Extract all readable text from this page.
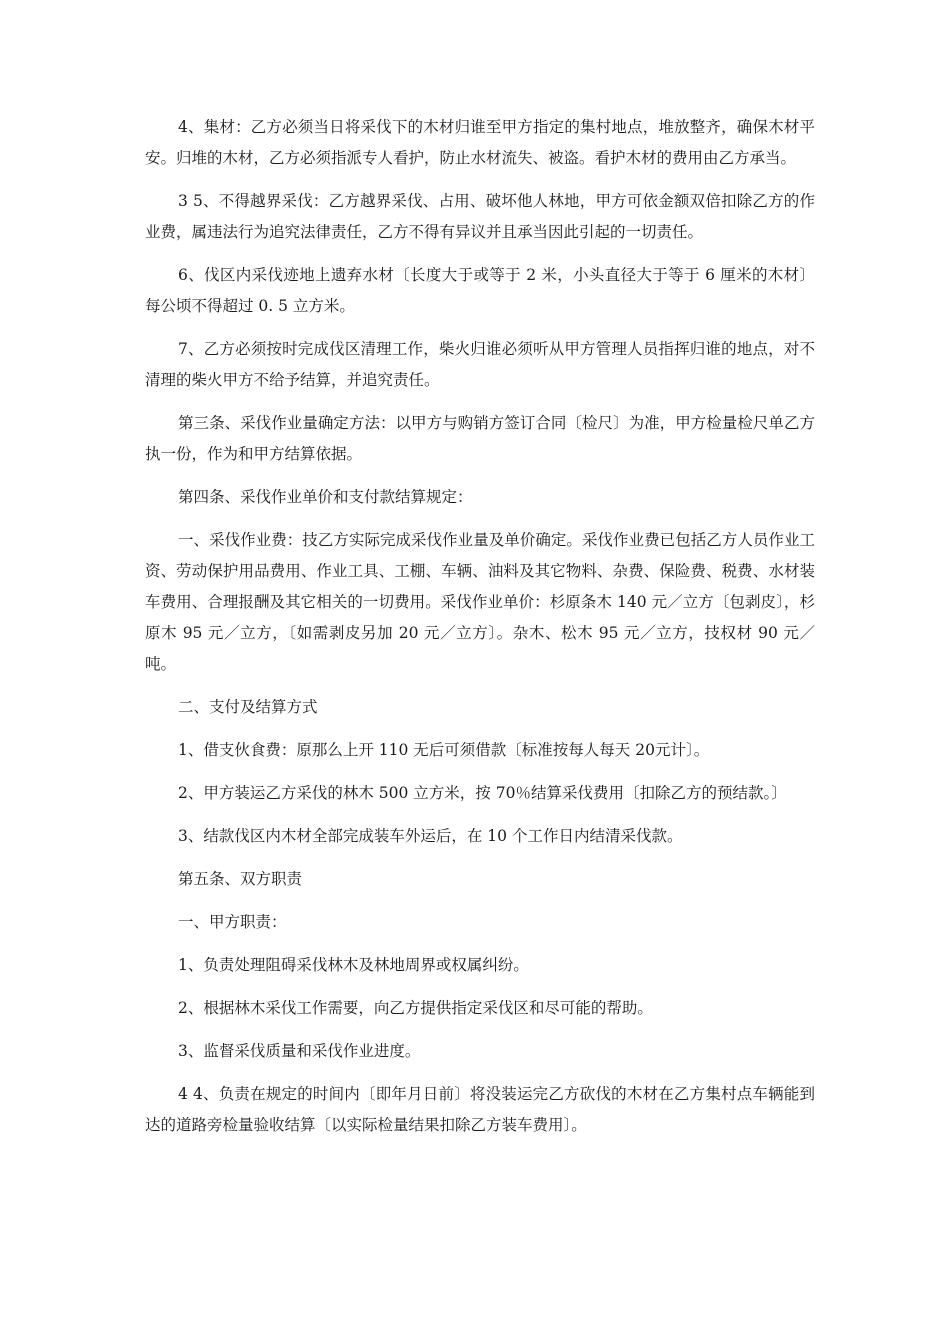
4、集材：乙方必须当日将采伐下的木材归谁至甲方指定的集村地点，堆放整齐，确保木材平安。归堆的木材，乙方必须指派专人看护，防止水材流失、被盗。看护木材的费用由乙方承当。

3 5、不得越界采伐：乙方越界采伐、占用、破坏他人林地，甲方可依金额双倍扣除乙方的作业费，属违法行为追究法律责任，乙方不得有异议并且承当因此引起的一切责任。

6、伐区内采伐迹地上遗弃水材〔长度大于或等于 2 米，小头直径大于等于 6 厘米的木材〕每公顷不得超过 0. 5 立方米。

7、乙方必须按时完成伐区清理工作，柴火归谁必须听从甲方管理人员指挥归谁的地点，对不清理的柴火甲方不给予结算，并追究责任。

第三条、采伐作业量确定方法：以甲方与购销方签订合同〔检尺〕为准，甲方检量检尺单乙方执一份，作为和甲方结算依据。

第四条、采伐作业单价和支付款结算规定：

一、采伐作业费：技乙方实际完成采伐作业量及单价确定。采伐作业费已包括乙方人员作业工资、劳动保护用品费用、作业工具、工棚、车辆、油料及其它物料、杂费、保险费、税费、水材装车费用、合理报酬及其它相关的一切费用。采伐作业单价：杉原条木 140 元／立方〔包剥皮〕，杉原木 95 元／立方，〔如需剥皮另加 20 元／立方〕。杂木、松木 95 元／立方，技权材 90 元／吨。

二、支付及结算方式

1、借支伙食费：原那么上开 110 无后可须借款〔标准按每人每天 20元计〕。

2、甲方装运乙方采伐的林木 500 立方米，按 70％结算采伐费用〔扣除乙方的预结款。〕

3、结款伐区内木材全部完成装车外运后，在 10 个工作日内结清采伐款。

第五条、双方职责

一、甲方职责：

1、负责处理阻碍采伐林木及林地周界或权属纠纷。

2、根据林木采伐工作需要，向乙方提供指定采伐区和尽可能的帮助。

3、监督采伐质量和采伐作业进度。

4 4、负责在规定的时间内〔即年月日前〕将没装运完乙方砍伐的木材在乙方集村点车辆能到达的道路旁检量验收结算〔以实际检量结果扣除乙方装车费用〕。
